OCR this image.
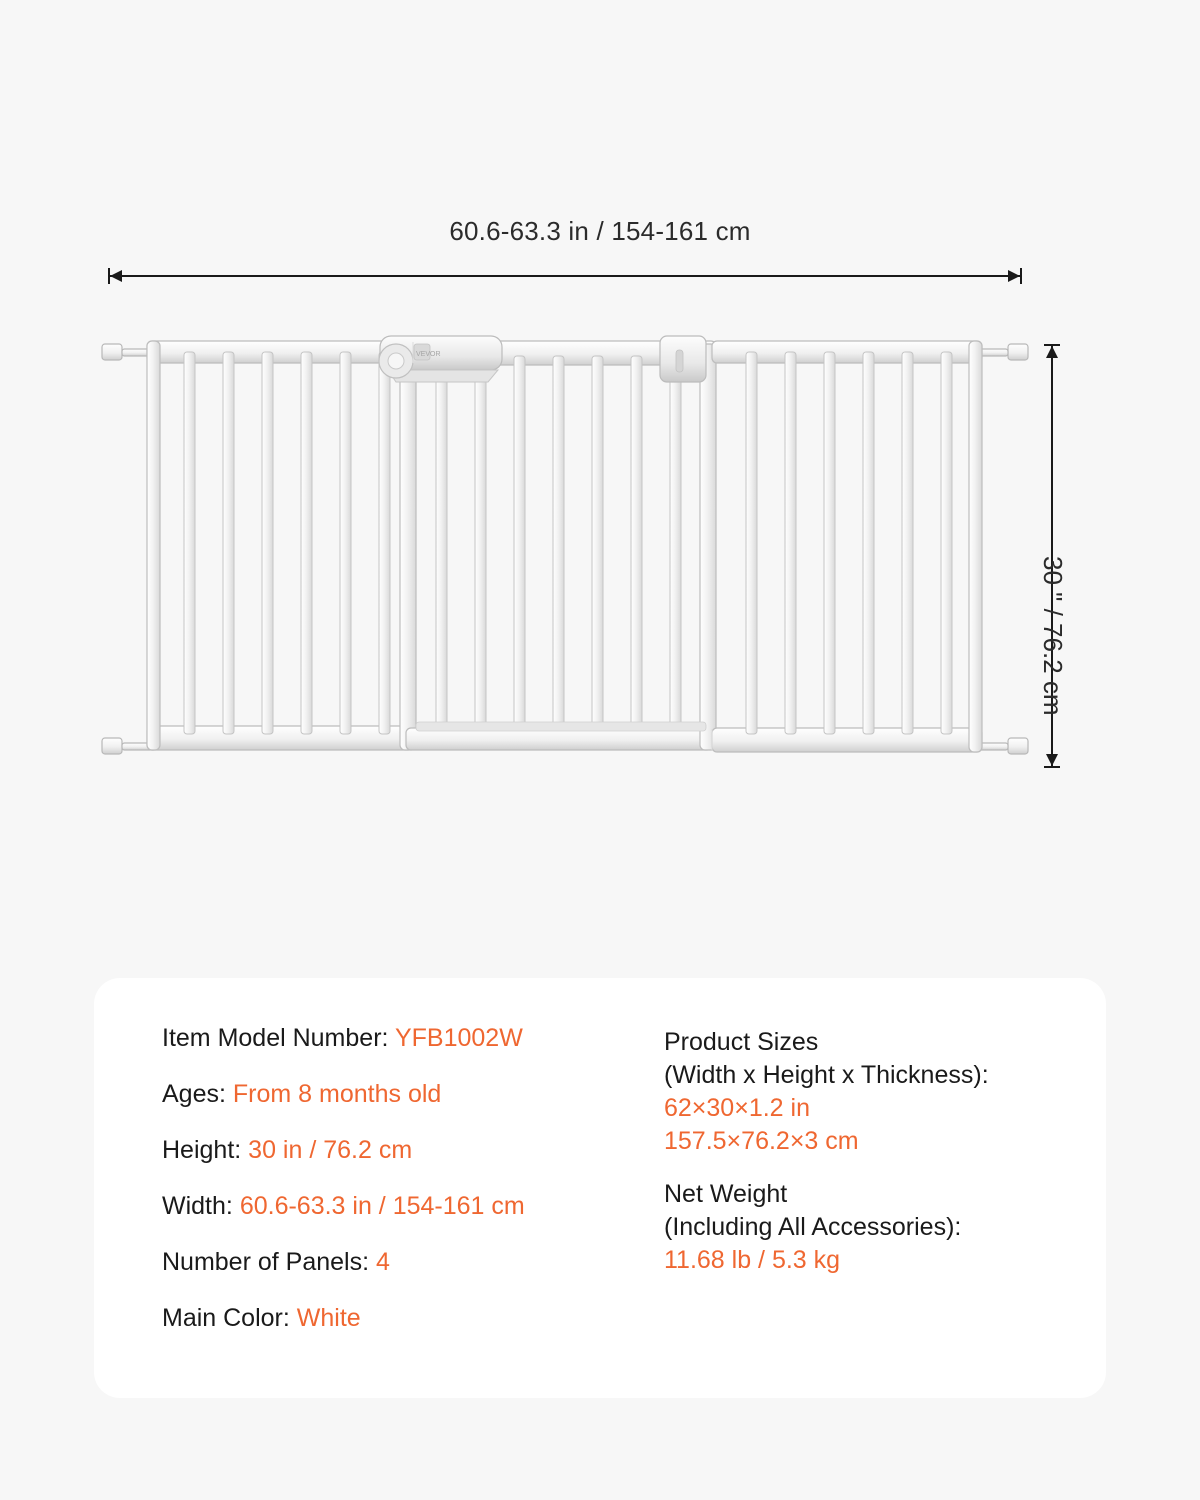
60.6-63.3 in / 154-161 cm
30 " / 76.2 cm
VEVOR
Item Model Number: YFB1002W
Ages: From 8 months old
Height: 30 in / 76.2 cm
Width: 60.6-63.3 in / 154-161 cm
Number of Panels: 4
Main Color: White
Product Sizes
(Width x Height x Thickness):
62×30×1.2 in
157.5×76.2×3 cm
Net Weight
(Including All Accessories):
11.68 lb / 5.3 kg
